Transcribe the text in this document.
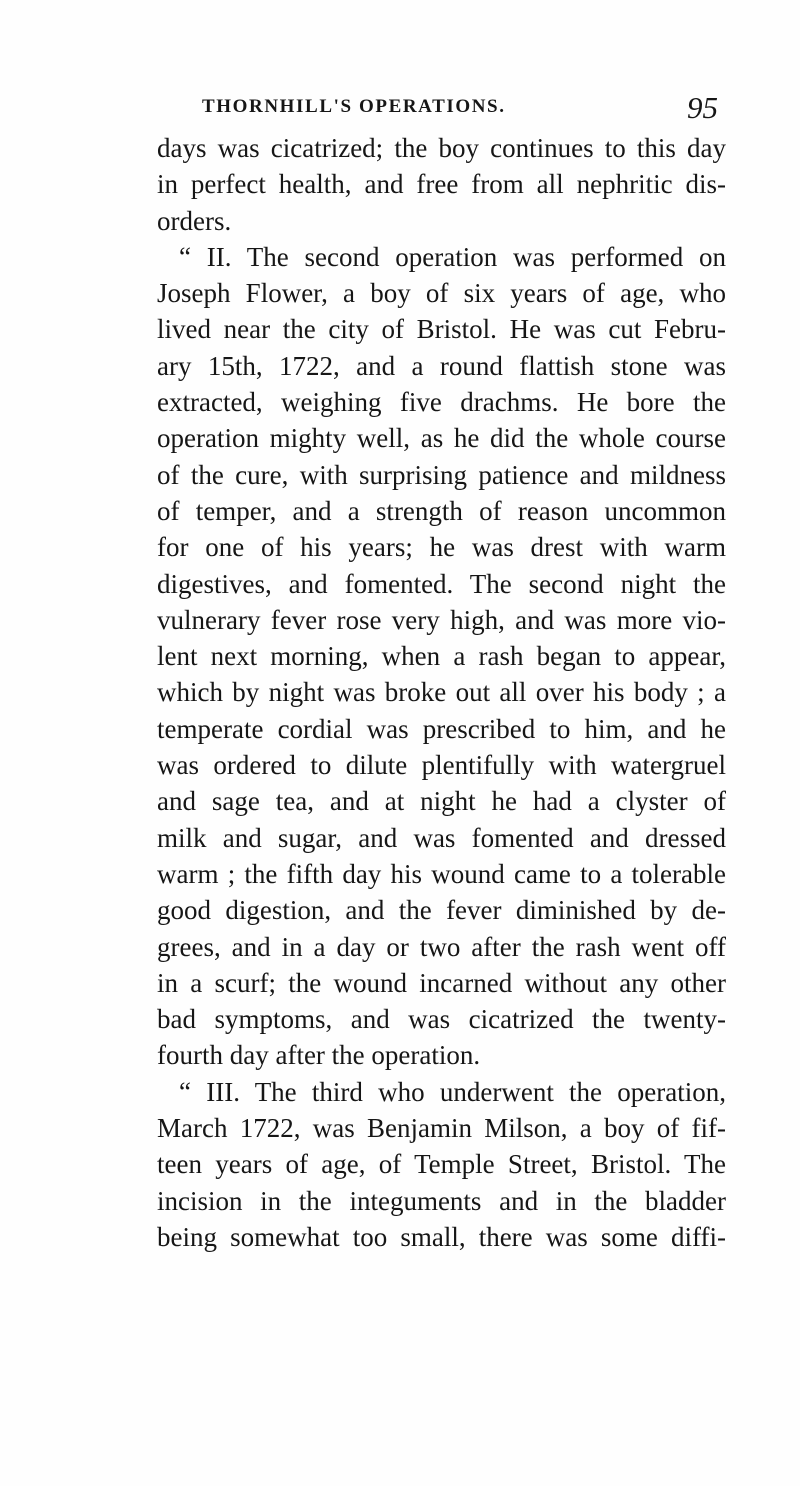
THORNHILL'S OPERATIONS.	95
days was cicatrized; the boy continues to this day
in perfect health, and free from all nephritic dis-
orders.
“ II. The second operation was performed on
Joseph Flower, a boy of six years of age, who
lived near the city of Bristol. He was cut Febru-
ary 15th, 1722, and a round flattish stone was
extracted, weighing five drachms. He bore the
operation mighty well, as he did the whole course
of the cure, with surprising patience and mildness
of temper, and a strength of reason uncommon
for one of his years; he was drest with warm
digestives, and fomented. The second night the
vulnerary fever rose very high, and was more vio-
lent next morning, when a rash began to appear,
which by night was broke out all over his body ; a
temperate cordial was prescribed to him, and he
was ordered to dilute plentifully with watergruel
and sage tea, and at night he had a clyster of
milk and sugar, and was fomented and dressed
warm ; the fifth day his wound came to a tolerable
good digestion, and the fever diminished by de-
grees, and in a day or two after the rash went off
in a scurf; the wound incarned without any other
bad symptoms, and was cicatrized the twenty-
fourth day after the operation.
“ III. The third who underwent the operation,
March 1722, was Benjamin Milson, a boy of fif-
teen years of age, of Temple Street, Bristol. The
incision in the integuments and in the bladder
being somewhat too small, there was some diffi-
